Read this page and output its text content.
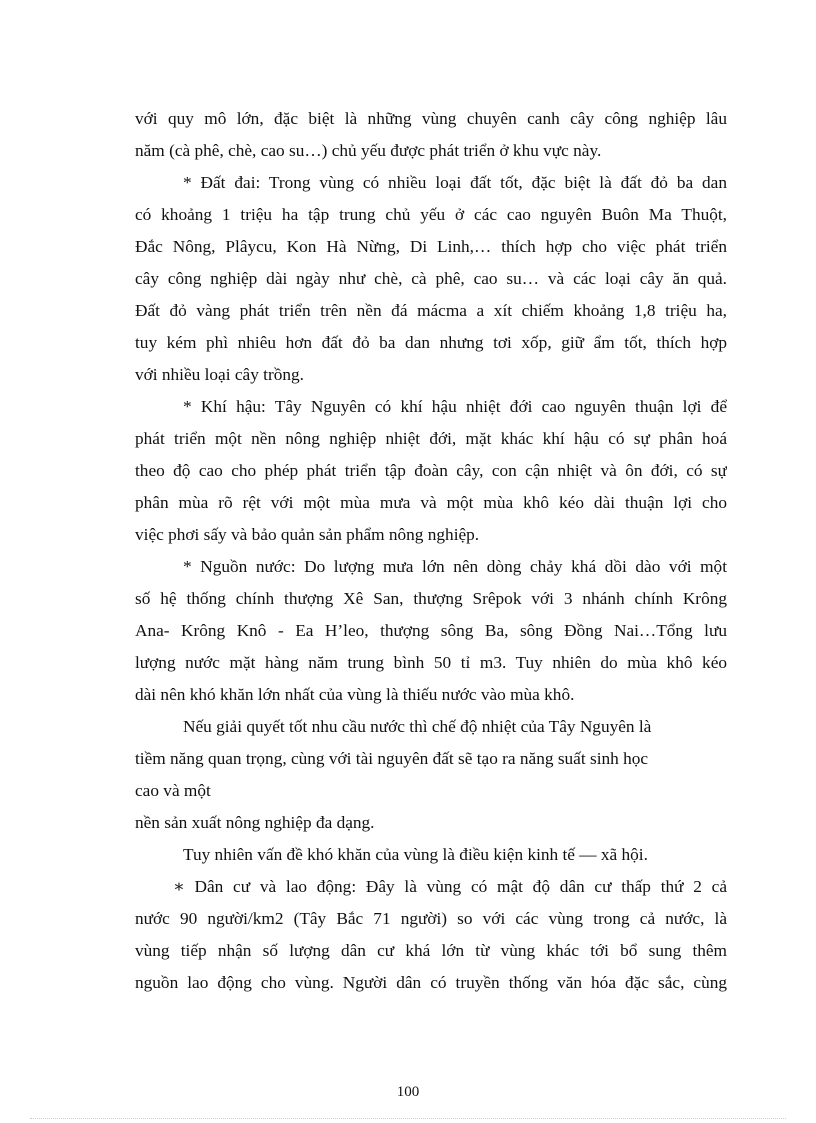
với quy mô lớn, đặc biệt là những vùng chuyên canh cây công nghiệp lâu
năm (cà phê, chè, cao su…) chủ yếu được phát triển ở khu vực này.
* Đất đai: Trong vùng có nhiều loại đất tốt, đặc biệt là đất đỏ ba dan
có khoảng 1 triệu ha tập trung chủ yếu ở các cao nguyên Buôn Ma Thuột,
Đắc Nông, Plâycu, Kon Hà Nừng, Di Linh,… thích hợp cho việc phát triển
cây công nghiệp dài ngày như chè, cà phê, cao su… và các loại cây ăn quả.
Đất đỏ vàng phát triển trên nền đá mácma a xít chiếm khoảng 1,8 triệu ha,
tuy kém phì nhiêu hơn đất đỏ ba dan nhưng tơi xốp, giữ ẩm tốt, thích hợp
với nhiều loại cây trồng.
* Khí hậu: Tây Nguyên có khí hậu nhiệt đới cao nguyên thuận lợi để
phát triển một nền nông nghiệp nhiệt đới, mặt khác khí hậu có sự phân hoá
theo độ cao cho phép phát triển tập đoàn cây, con cận nhiệt và ôn đới, có sự
phân mùa rõ rệt với một mùa mưa và một mùa khô kéo dài thuận lợi cho
việc phơi sấy và bảo quản sản phẩm nông nghiệp.
* Nguồn nước: Do lượng mưa lớn nên dòng chảy khá dồi dào với một
số hệ thống chính thượng Xê San, thượng Srêpok với 3 nhánh chính Krông
Ana- Krông Knô - Ea H’leo, thượng sông Ba, sông Đồng Nai…Tổng lưu
lượng nước mặt hàng năm trung bình 50 tỉ m3. Tuy nhiên do mùa khô kéo
dài nên khó khăn lớn nhất của vùng là thiếu nước vào mùa khô.
Nếu giải quyết tốt nhu cầu nước thì chế độ nhiệt của Tây Nguyên là
tiềm năng quan trọng, cùng với tài nguyên đất sẽ tạo ra năng suất sinh học
cao và một
nền sản xuất nông nghiệp đa dạng.
Tuy nhiên vấn đề khó khăn của vùng là điều kiện kinh tế — xã hội.
∗ Dân cư và lao động: Đây là vùng có mật độ dân cư thấp thứ 2 cả
nước 90 người/km2 (Tây Bắc 71 người) so với các vùng trong cả nước, là
vùng tiếp nhận số lượng dân cư khá lớn từ vùng khác tới bổ sung thêm
nguồn lao động cho vùng. Người dân có truyền thống văn hóa đặc sắc, cùng
100
